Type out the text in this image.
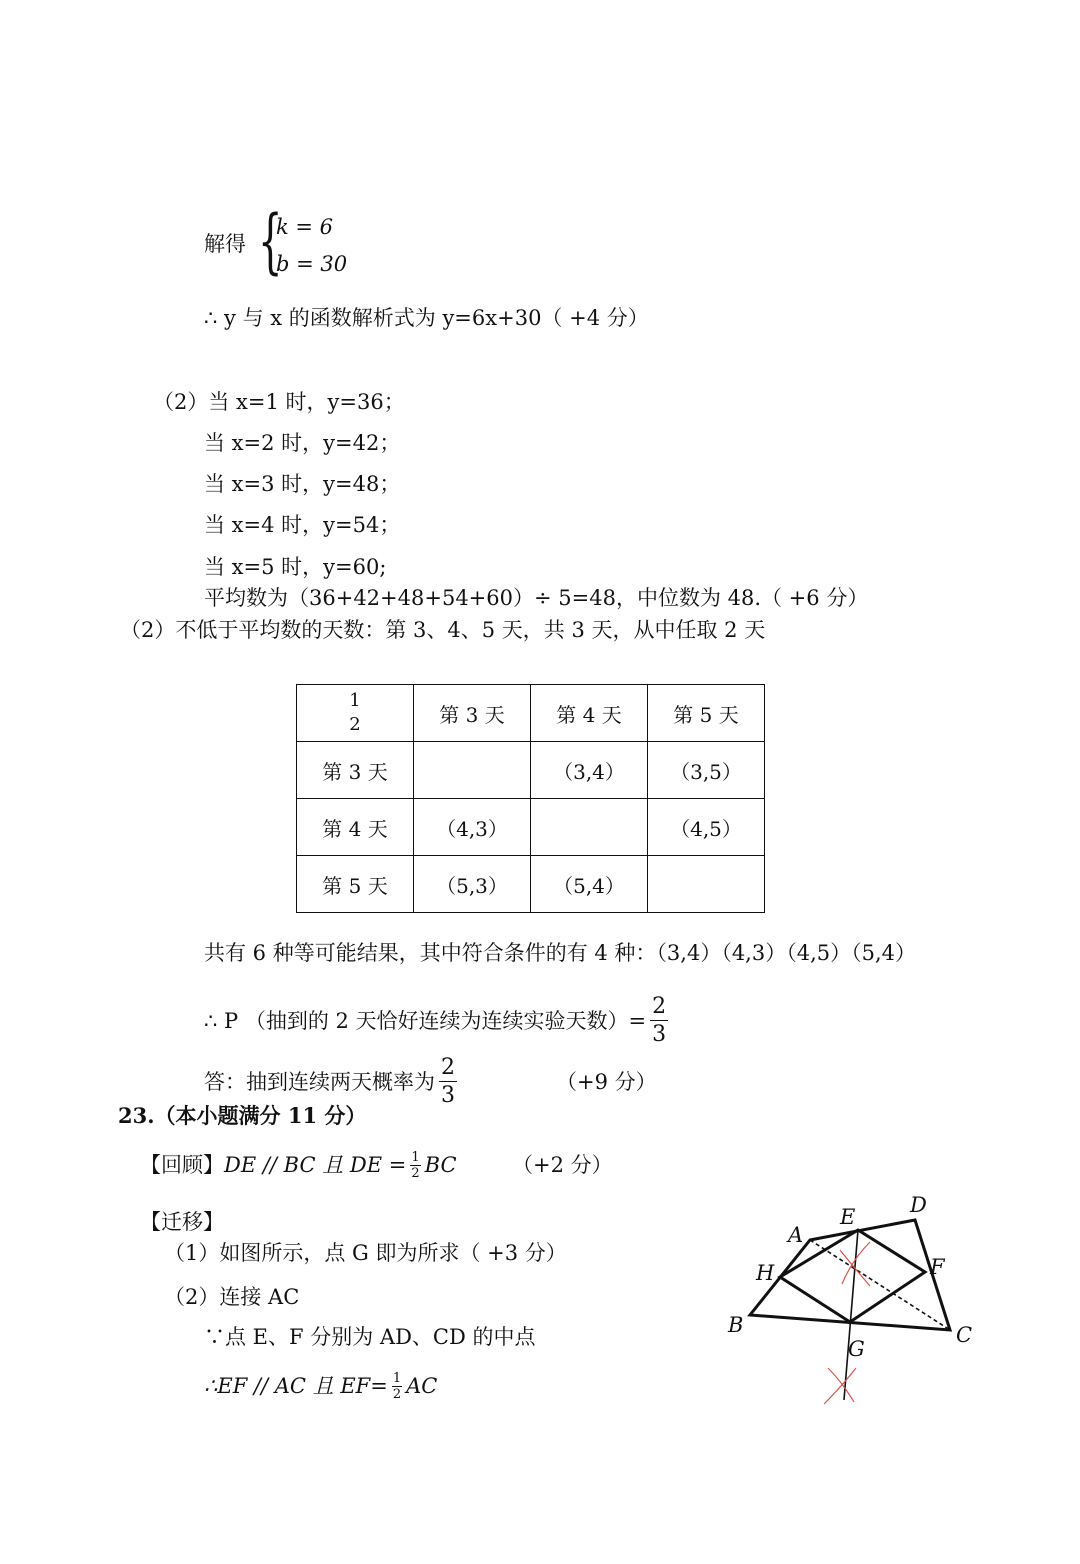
解得 {
k = 6
b = 30
∴ y 与 x 的函数解析式为 y=6x+30（ +4 分）
（2）当 x=1 时，y=36；
当 x=2 时，y=42；
当 x=3 时，y=48；
当 x=4 时，y=54；
当 x=5 时，y=60;
平均数为（36+42+48+54+60）÷ 5=48，中位数为 48.（ +6 分）
（2）不低于平均数的天数：第 3、4、5 天，共 3 天，从中任取 2 天
1
2	第 3 天	第 4 天	第 5 天
第 3 天		（3,4）	（3,5）
第 4 天	（4,3）		（4,5）
第 5 天	（5,3）	（5,4）	
共有 6 种等可能结果，其中符合条件的有 4 种：（3,4）（4,3）（4,5）（5,4）
∴ P （抽到的 2 天恰好连续为连续实验天数）= $\frac{2}{3}$
答：抽到连续两天概率为 $\frac{2}{3}$	（+9 分）
23.（本小题满分 11 分）
【回顾】 DE // BC 且 DE = $\frac{1}{2}$ BC	（+2 分）
【迁移】
（1）如图所示，点 G 即为所求（ +3 分）
（2）连接 AC
∵点 E、F 分别为 AD、CD 的中点
∴EF // AC 且 $EF= \frac{1}{2}$ AC
A
B	C
D
E
F
G
H
